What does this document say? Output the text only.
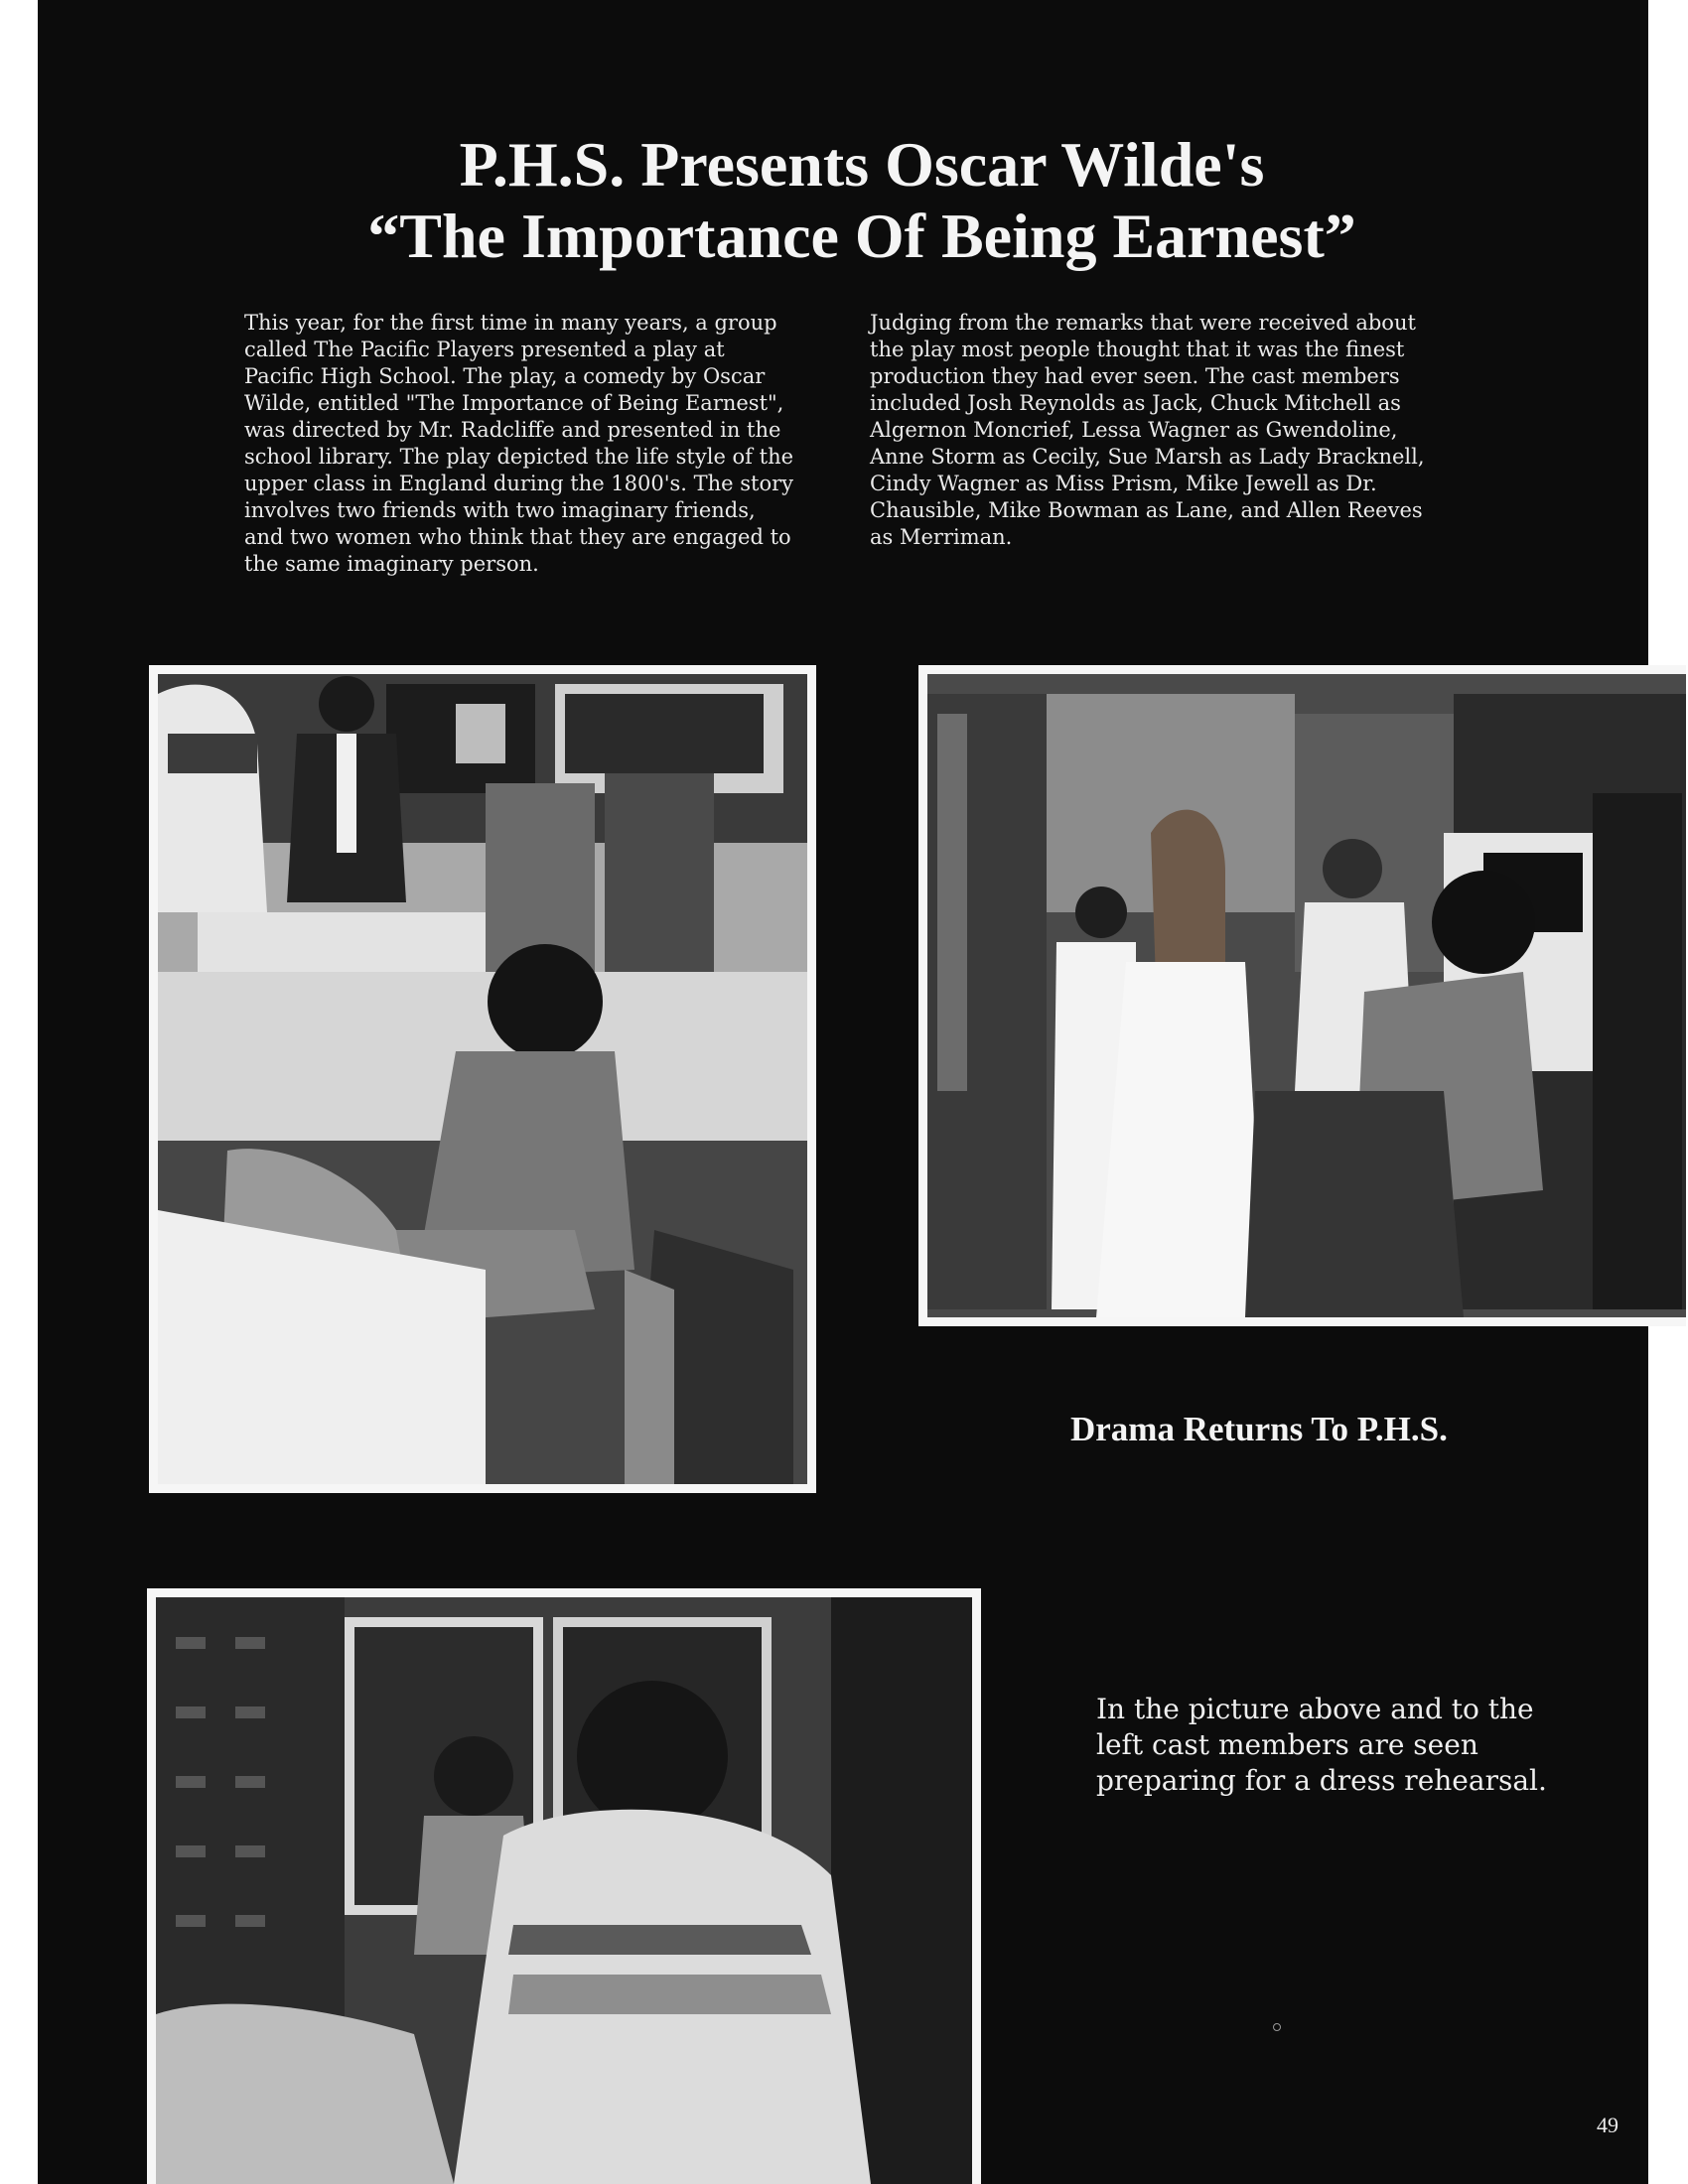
P.H.S. Presents Oscar Wilde's
“The Importance Of Being Earnest”

This year, for the first time in many years, a group called The Pacific Players presented a play at Pacific High School. The play, a comedy by Oscar Wilde, entitled "The Importance of Being Earnest", was directed by Mr. Radcliffe and presented in the school library. The play depicted the life style of the upper class in England during the 1800's. The story involves two friends with two imaginary friends, and two women who think that they are engaged to the same imaginary person.

Judging from the remarks that were received about the play most people thought that it was the finest production they had ever seen. The cast members included Josh Reynolds as Jack, Chuck Mitchell as Algernon Moncrief, Lessa Wagner as Gwendoline, Anne Storm as Cecily, Sue Marsh as Lady Bracknell, Cindy Wagner as Miss Prism, Mike Jewell as Dr. Chausible, Mike Bowman as Lane, and Allen Reeves as Merriman.

Drama Returns To P.H.S.

In the picture above and to the left cast members are seen preparing for a dress rehearsal.

49
